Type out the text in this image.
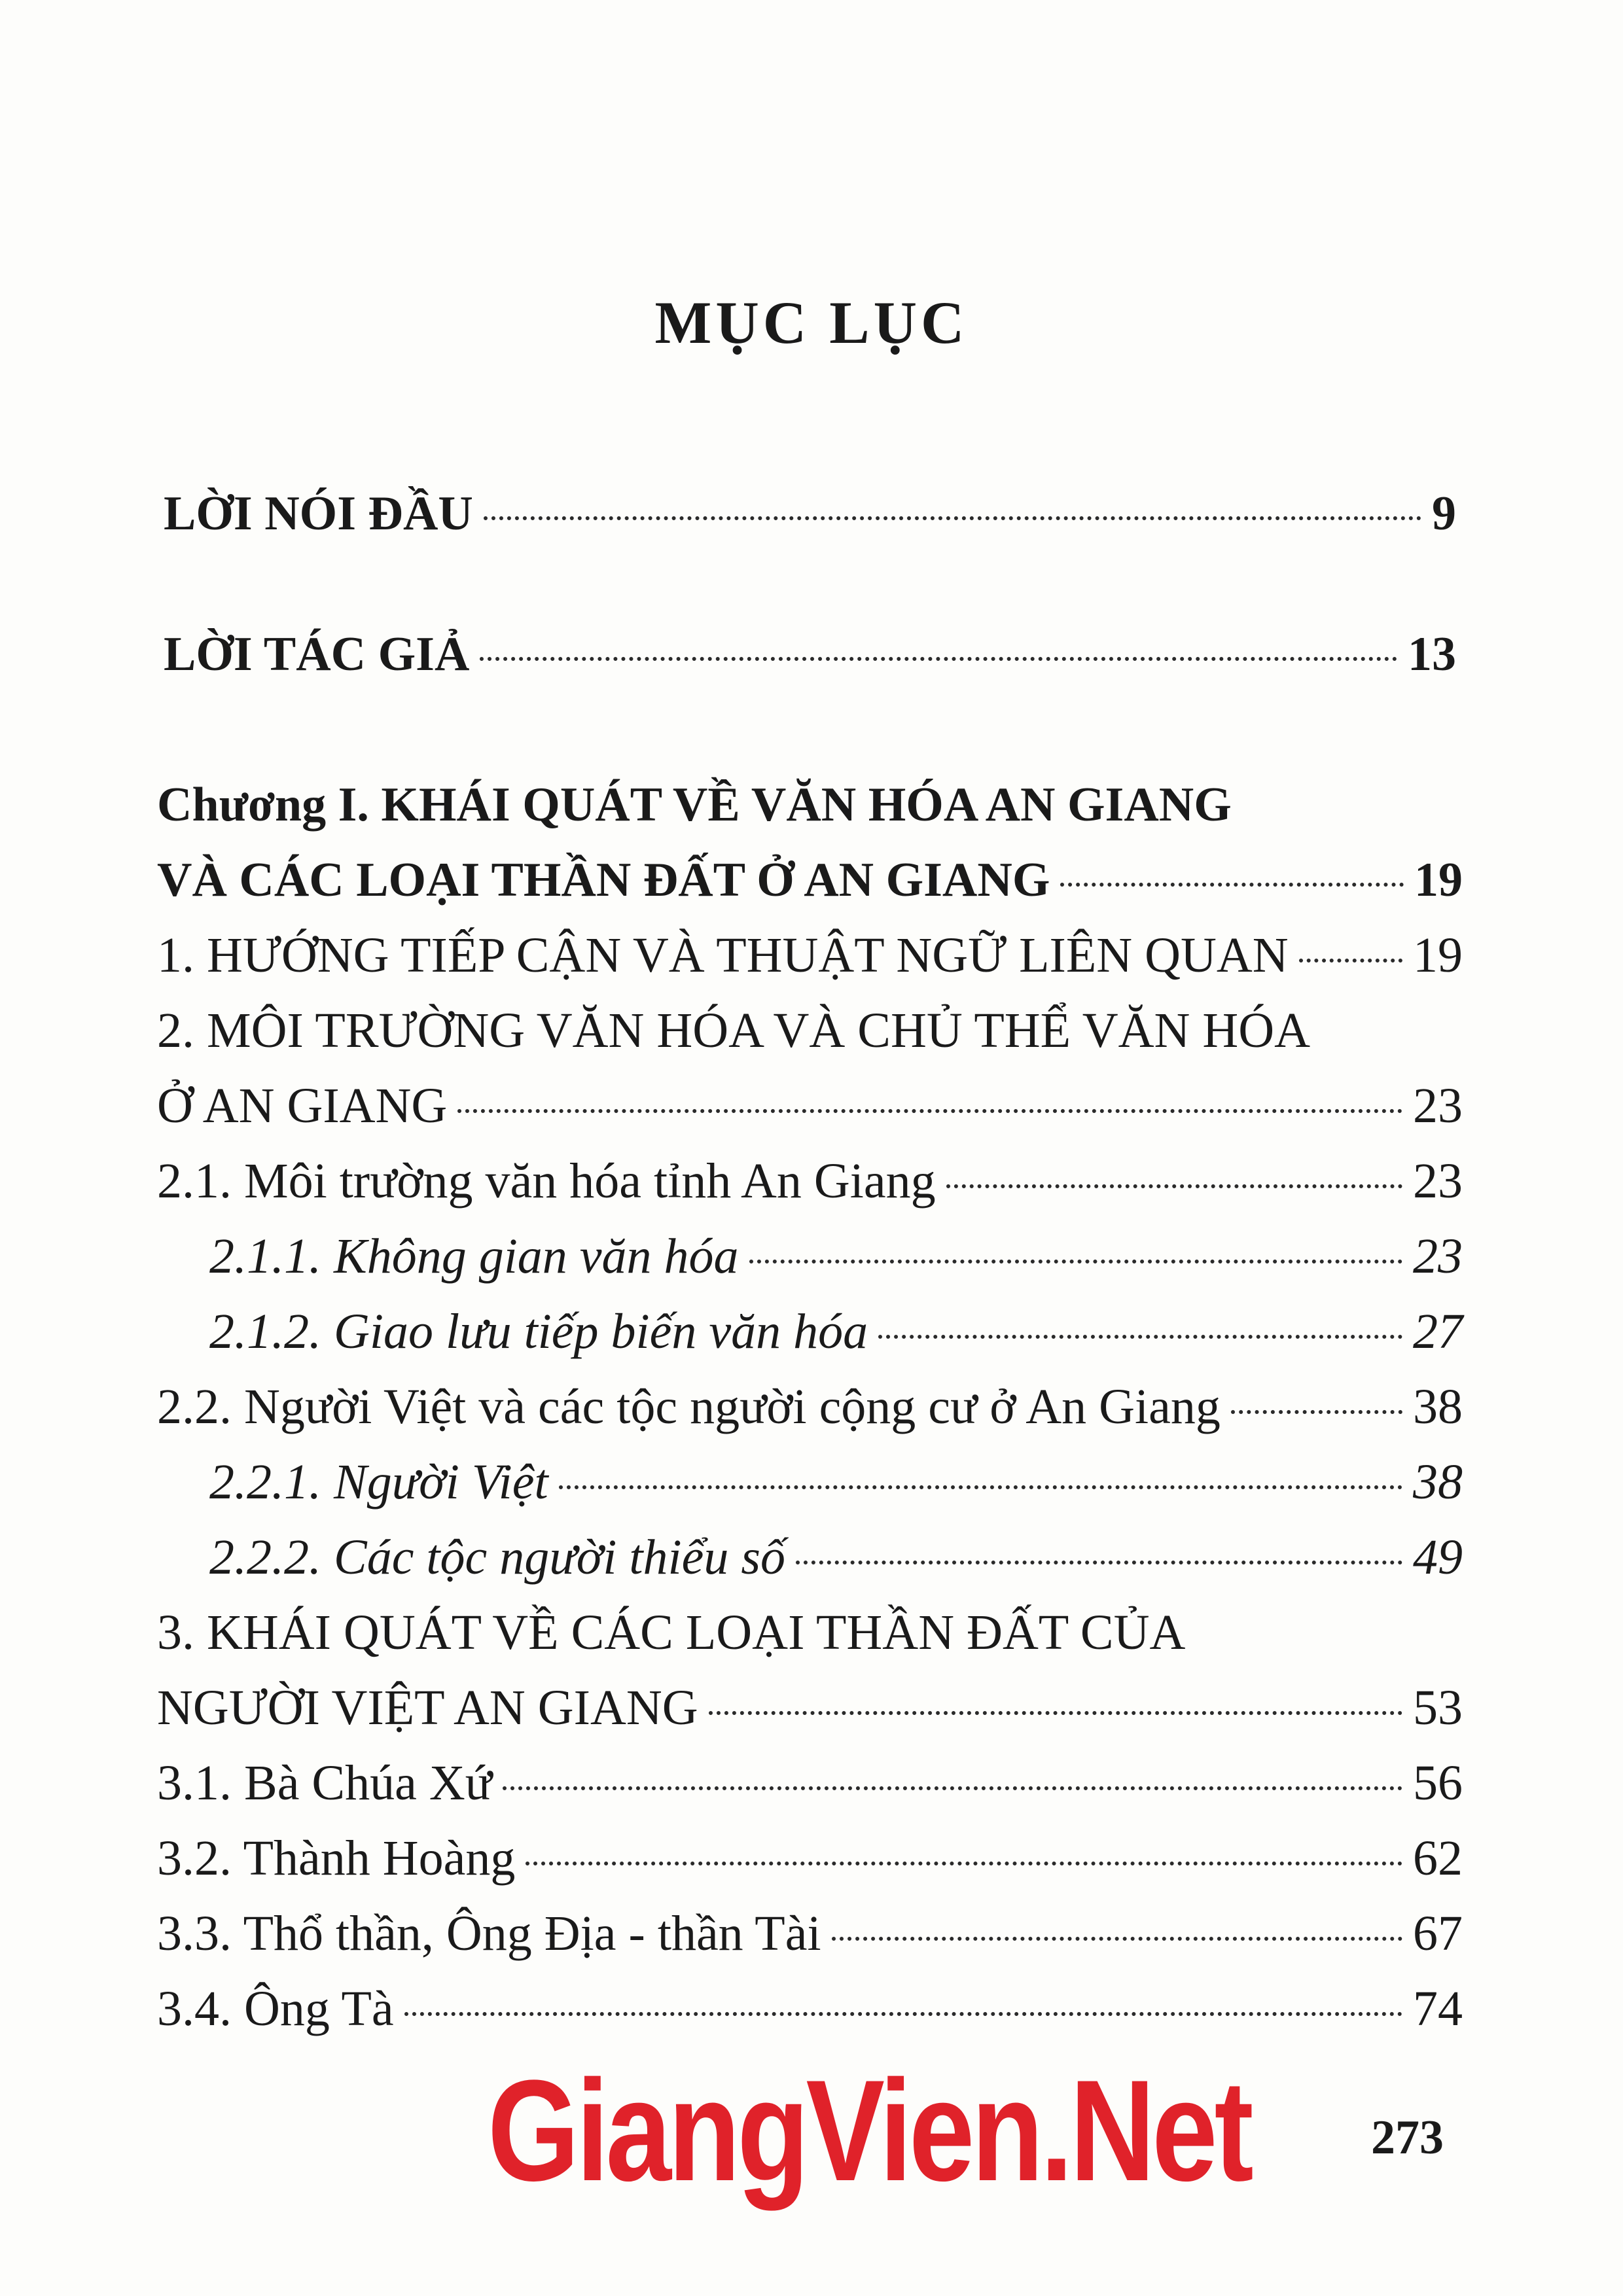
MỤC LỤC
LỜI NÓI ĐẦU	9
LỜI TÁC GIẢ	13
Chương I. KHÁI QUÁT VỀ VĂN HÓA AN GIANG
VÀ CÁC LOẠI THẦN ĐẤT Ở AN GIANG	19
1. HƯỚNG TIẾP CẬN VÀ THUẬT NGỮ LIÊN QUAN	19
2. MÔI TRƯỜNG VĂN HÓA VÀ CHỦ THỂ VĂN HÓA
Ở AN GIANG	23
2.1. Môi trường văn hóa tỉnh An Giang	23
2.1.1. Không gian văn hóa	23
2.1.2. Giao lưu tiếp biến văn hóa	27
2.2. Người Việt và các tộc người cộng cư ở An Giang	38
2.2.1. Người Việt	38
2.2.2. Các tộc người thiểu số	49
3. KHÁI QUÁT VỀ CÁC LOẠI THẦN ĐẤT CỦA
NGƯỜI VIỆT AN GIANG	53
3.1. Bà Chúa Xứ	56
3.2. Thành Hoàng	62
3.3. Thổ thần, Ông Địa - thần Tài	67
3.4. Ông Tà	74
GiangVien.Net 273
